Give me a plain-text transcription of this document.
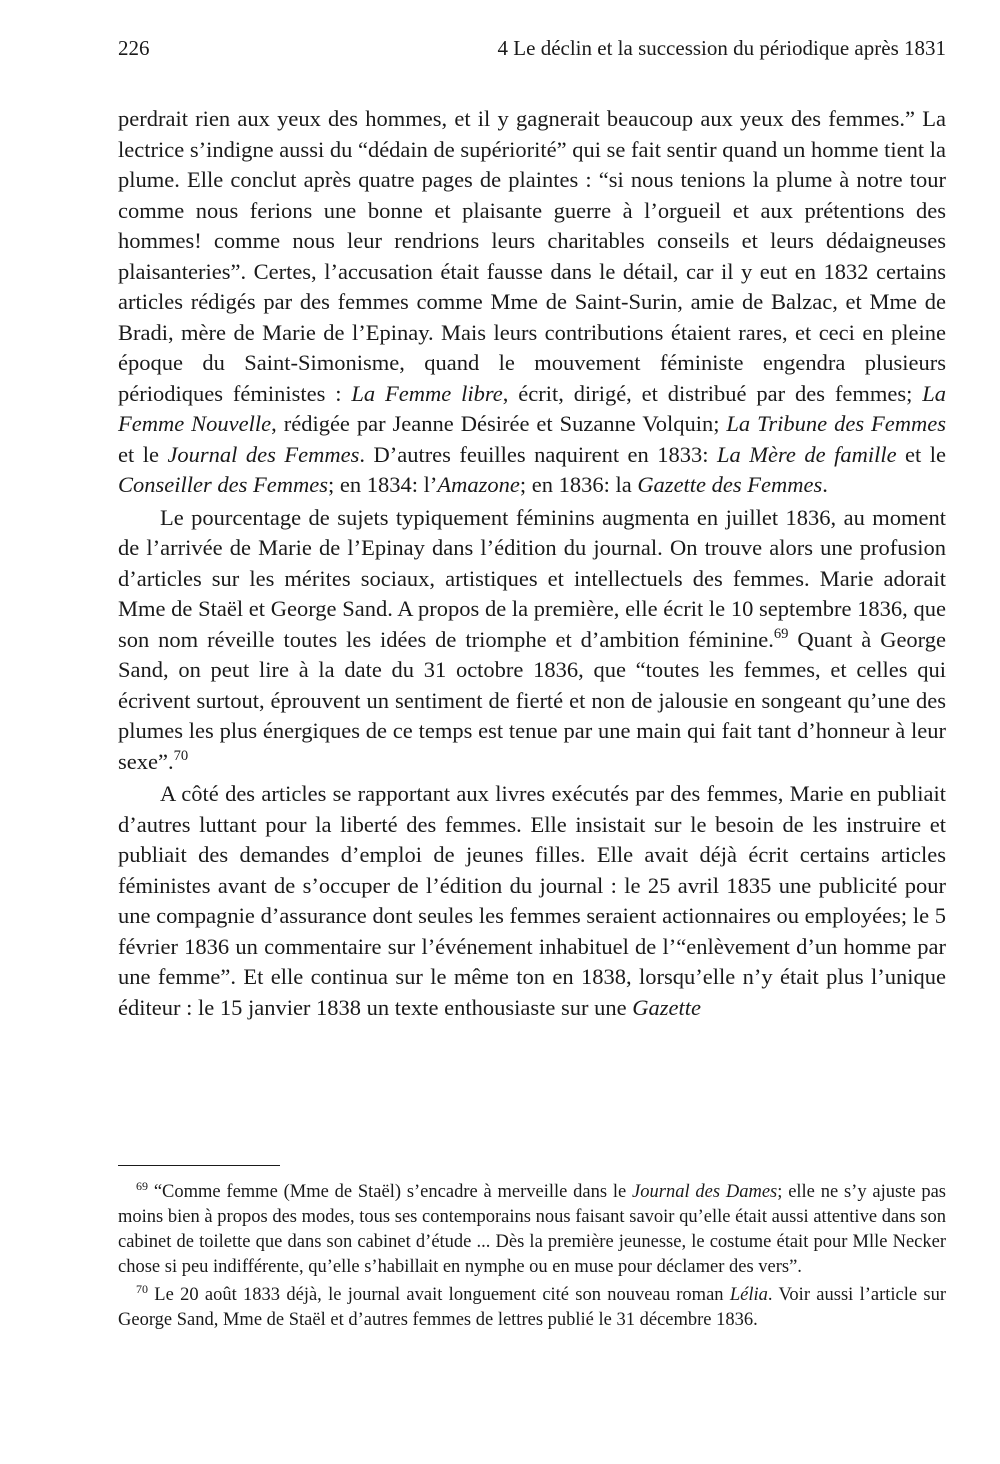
226	4 Le déclin et la succession du périodique après 1831

perdrait rien aux yeux des hommes, et il y gagnerait beaucoup aux yeux des femmes.” La lectrice s’indigne aussi du “dédain de supériorité” qui se fait sentir quand un homme tient la plume. Elle conclut après quatre pages de plaintes : “si nous tenions la plume à notre tour comme nous ferions une bonne et plaisante guerre à l’orgueil et aux prétentions des hommes! comme nous leur rendrions leurs charitables conseils et leurs dédaigneuses plaisanteries”. Certes, l’accusation était fausse dans le détail, car il y eut en 1832 certains articles rédigés par des femmes comme Mme de Saint-Surin, amie de Balzac, et Mme de Bradi, mère de Marie de l’Epinay. Mais leurs contributions étaient rares, et ceci en pleine époque du Saint-Simonisme, quand le mouvement féministe engendra plusieurs périodiques féministes : La Femme libre, écrit, dirigé, et distribué par des femmes; La Femme Nouvelle, rédigée par Jeanne Désirée et Suzanne Volquin; La Tribune des Femmes et le Journal des Femmes. D’autres feuilles naquirent en 1833: La Mère de famille et le Conseiller des Femmes; en 1834: l’Amazone; en 1836: la Gazette des Femmes.

Le pourcentage de sujets typiquement féminins augmenta en juillet 1836, au moment de l’arrivée de Marie de l’Epinay dans l’édition du journal. On trouve alors une profusion d’articles sur les mérites sociaux, artistiques et intellectuels des femmes. Marie adorait Mme de Staël et George Sand. A propos de la première, elle écrit le 10 septembre 1836, que son nom réveille toutes les idées de triomphe et d’ambition féminine.$^{69}$ Quant à George Sand, on peut lire à la date du 31 octobre 1836, que “toutes les femmes, et celles qui écrivent surtout, éprouvent un sentiment de fierté et non de jalousie en songeant qu’une des plumes les plus énergiques de ce temps est tenue par une main qui fait tant d’honneur à leur sexe”.$^{70}$

A côté des articles se rapportant aux livres exécutés par des femmes, Marie en publiait d’autres luttant pour la liberté des femmes. Elle insistait sur le besoin de les instruire et publiait des demandes d’emploi de jeunes filles. Elle avait déjà écrit certains articles féministes avant de s’occuper de l’édition du journal : le 25 avril 1835 une publicité pour une compagnie d’assurance dont seules les femmes seraient actionnaires ou employées; le 5 février 1836 un commentaire sur l’événement inhabituel de l’“enlèvement d’un homme par une femme”. Et elle continua sur le même ton en 1838, lorsqu’elle n’y était plus l’unique éditeur : le 15 janvier 1838 un texte enthousiaste sur une Gazette

$^{69}$ “Comme femme (Mme de Staël) s’encadre à merveille dans le Journal des Dames; elle ne s’y ajuste pas moins bien à propos des modes, tous ses contemporains nous faisant savoir qu’elle était aussi attentive dans son cabinet de toilette que dans son cabinet d’étude ... Dès la première jeunesse, le costume était pour Mlle Necker chose si peu indifférente, qu’elle s’habillait en nymphe ou en muse pour déclamer des vers”.

$^{70}$ Le 20 août 1833 déjà, le journal avait longuement cité son nouveau roman Lélia. Voir aussi l’article sur George Sand, Mme de Staël et d’autres femmes de lettres publié le 31 décembre 1836.
